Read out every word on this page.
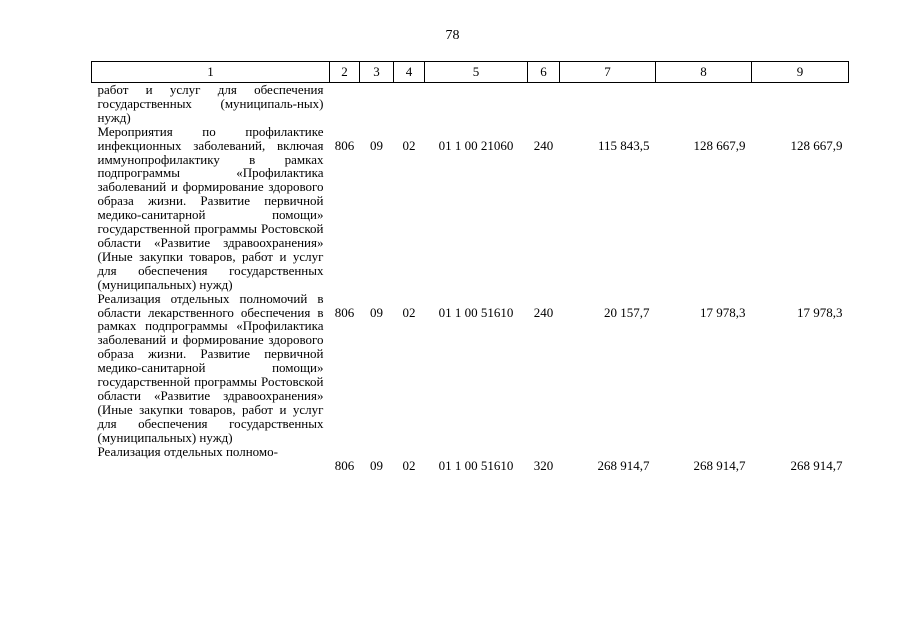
78
1	2	3	4	5	6	7	8	9
работ и услуг для обеспечения государственных (муниципаль-ных) нужд)								
Мероприятия по профилактике инфекционных заболеваний, включая иммунопрофилактику в рамках подпрограммы «Профилактика заболеваний и формирование здорового образа жизни. Развитие первичной медико-санитарной помощи» государственной программы Ростовской области «Развитие здравоохранения» (Иные закупки товаров, работ и услуг для обеспечения государственных (муниципальных) нужд)	806	09	02	01 1 00 21060	240	115 843,5	128 667,9	128 667,9
Реализация отдельных полномочий в области лекарственного обеспечения в рамках подпрограммы «Профилактика заболеваний и формирование здорового образа жизни. Развитие первичной медико-санитарной помощи» государственной программы Ростовской области «Развитие здравоохранения» (Иные закупки товаров, работ и услуг для обеспечения государственных (муниципальных) нужд)	806	09	02	01 1 00 51610	240	20 157,7	17 978,3	17 978,3
Реализация отдельных полномо-	806	09	02	01 1 00 51610	320	268 914,7	268 914,7	268 914,7
